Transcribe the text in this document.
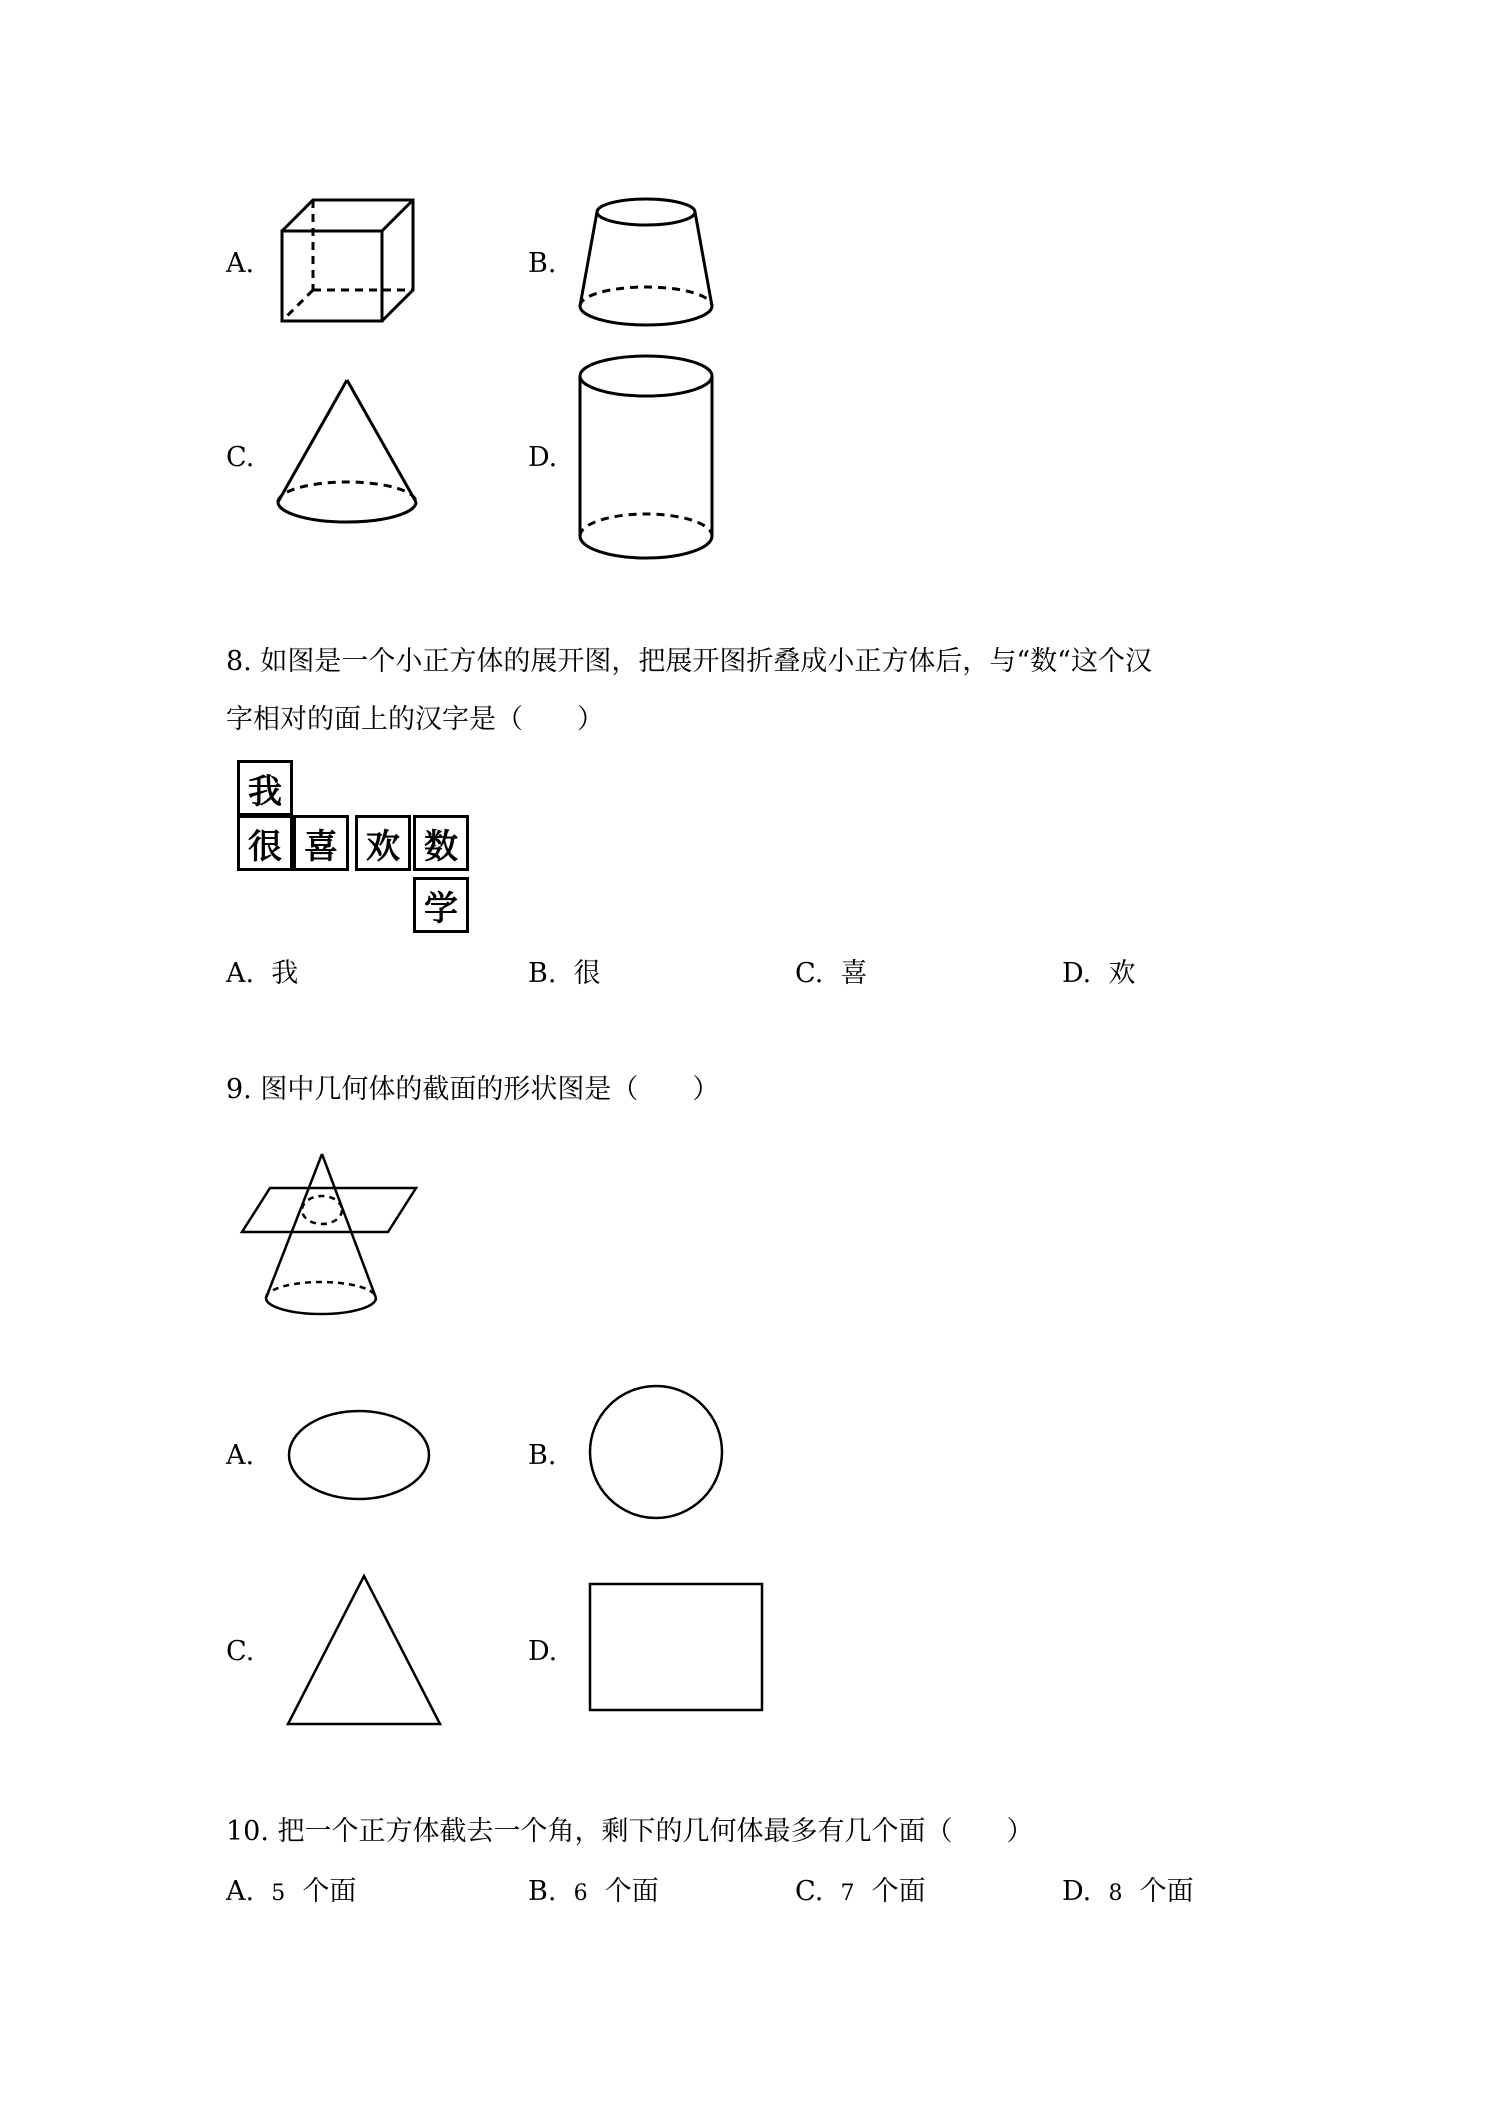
A.	B.
C.	D.
8. 如图是一个小正方体的展开图，把展开图折叠成小正方体后，与“数“这个汉
字相对的面上的汉字是（　　）
我
很 喜 欢 数
学
A. 我	B. 很	C. 喜	D. 欢
9. 图中几何体的截面的形状图是（　　）
A.	B.
C.	D.
10. 把一个正方体截去一个角，剩下的几何体最多有几个面（　　）
A. 5 个面	B. 6 个面	C. 7 个面	D. 8 个面
